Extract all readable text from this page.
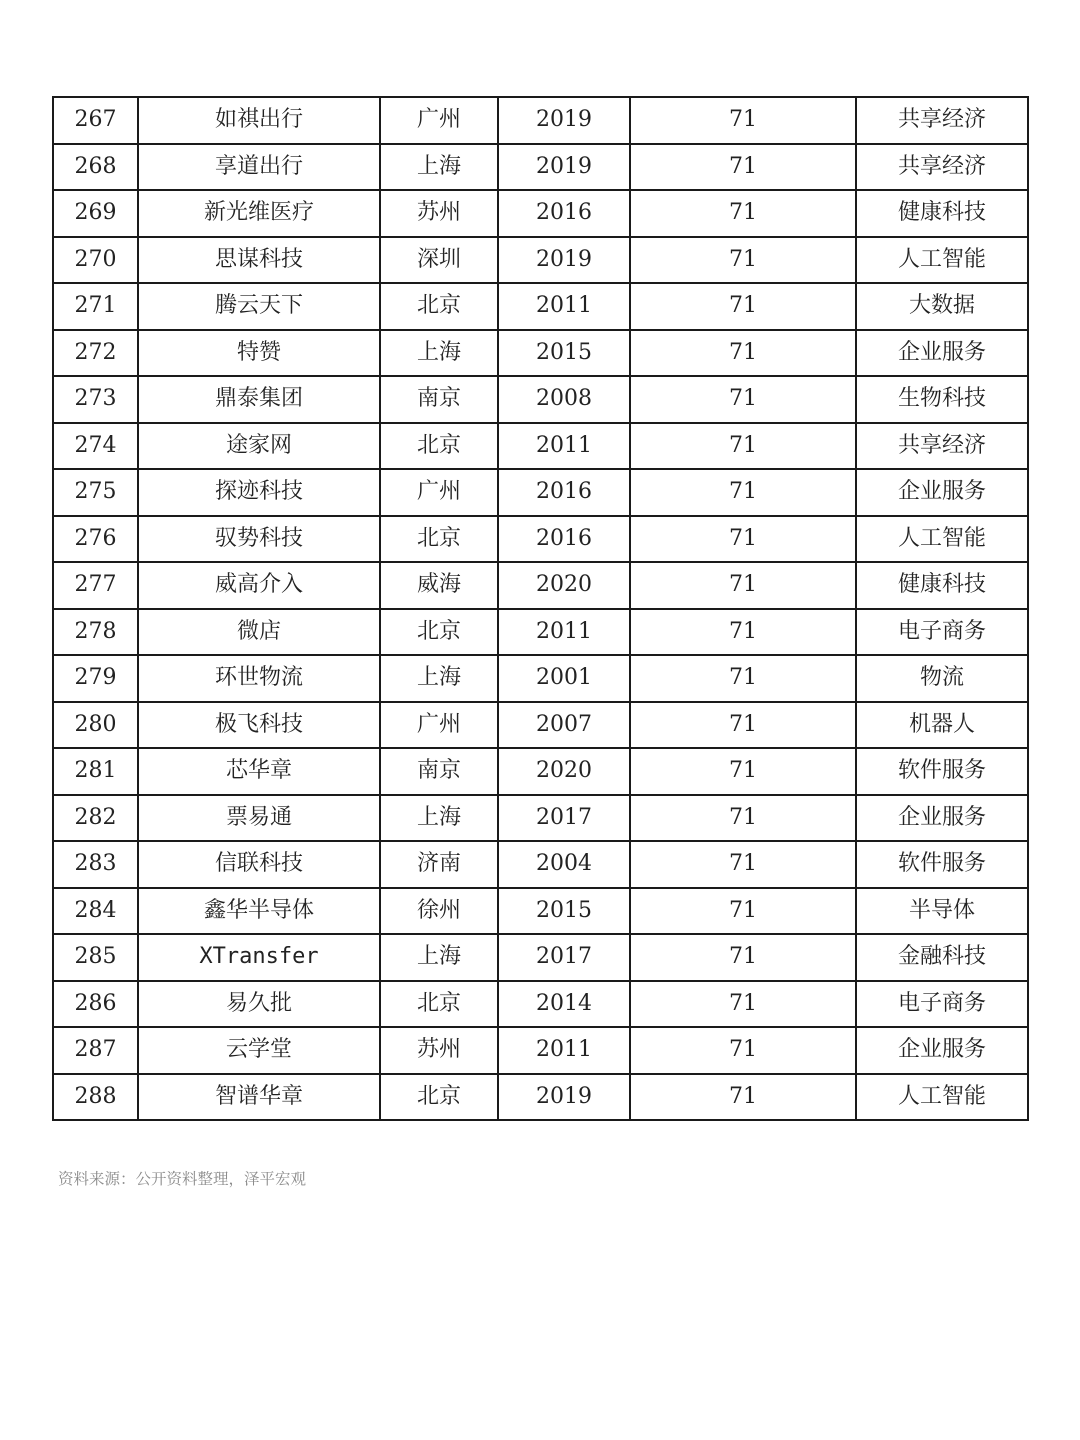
267	如祺出行	广州	2019	71	共享经济
268	享道出行	上海	2019	71	共享经济
269	新光维医疗	苏州	2016	71	健康科技
270	思谋科技	深圳	2019	71	人工智能
271	腾云天下	北京	2011	71	大数据
272	特赞	上海	2015	71	企业服务
273	鼎泰集团	南京	2008	71	生物科技
274	途家网	北京	2011	71	共享经济
275	探迹科技	广州	2016	71	企业服务
276	驭势科技	北京	2016	71	人工智能
277	威高介入	威海	2020	71	健康科技
278	微店	北京	2011	71	电子商务
279	环世物流	上海	2001	71	物流
280	极飞科技	广州	2007	71	机器人
281	芯华章	南京	2020	71	软件服务
282	票易通	上海	2017	71	企业服务
283	信联科技	济南	2004	71	软件服务
284	鑫华半导体	徐州	2015	71	半导体
285	XTransfer	上海	2017	71	金融科技
286	易久批	北京	2014	71	电子商务
287	云学堂	苏州	2011	71	企业服务
288	智谱华章	北京	2019	71	人工智能
资料来源：公开资料整理，泽平宏观
